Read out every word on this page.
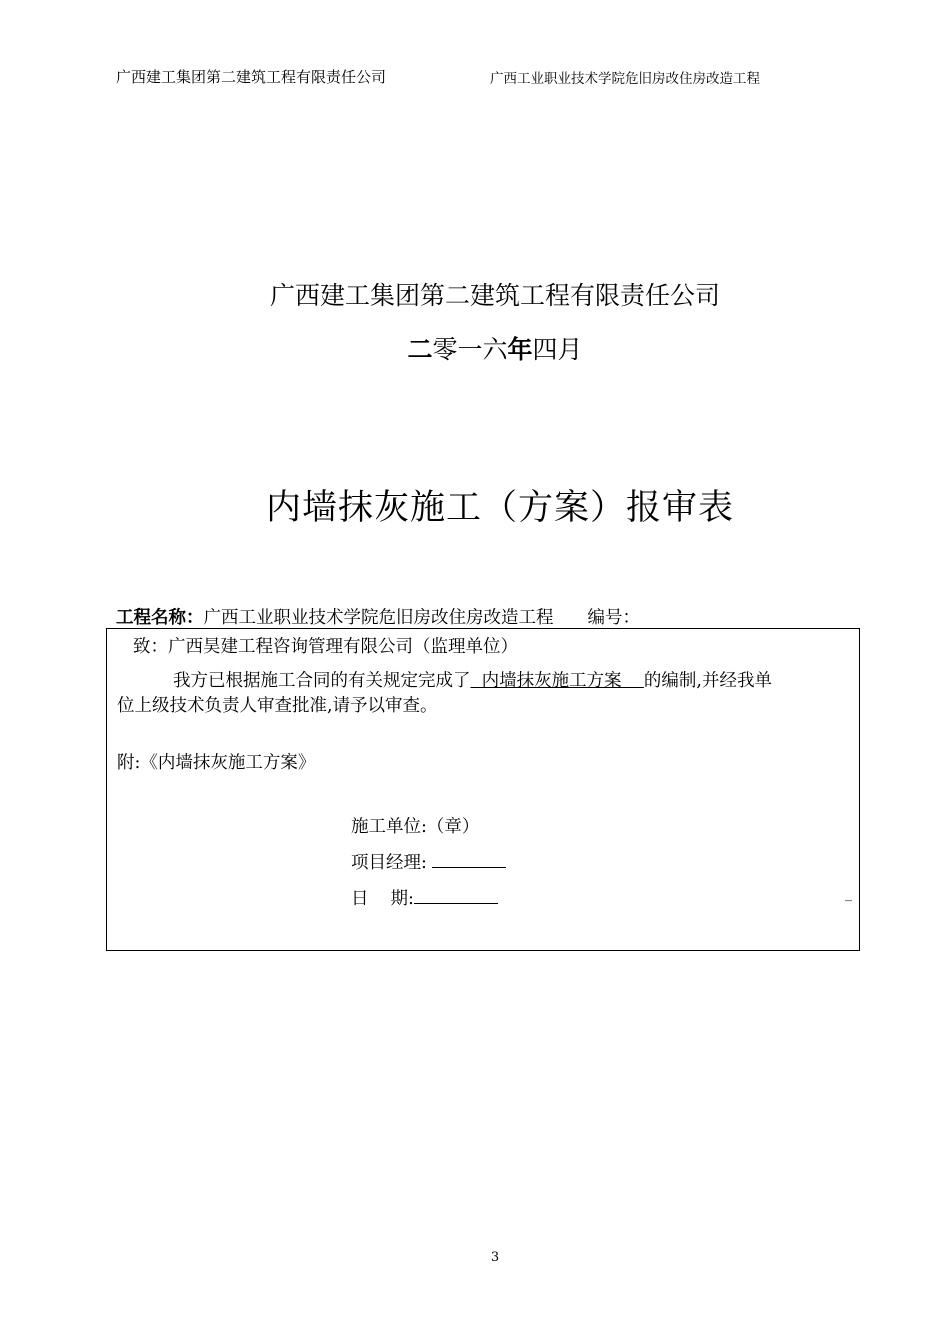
广西建工集团第二建筑工程有限责任公司	广西工业职业技术学院危旧房改住房改造工程
广西建工集团第二建筑工程有限责任公司
二零一六年四月
内墙抹灰施工（方案）报审表
工程名称：广西工业职业技术学院危旧房改住房改造工程 编号：
致：广西昊建工程咨询管理有限公司（监理单位）
我方已根据施工合同的有关规定完成了  内墙抹灰施工方案    的编制,并经我单
位上级技术负责人审查批准,请予以审查。
附:《内墙抹灰施工方案》
施工单位:（章）
项目经理:
日 期:	_
3
